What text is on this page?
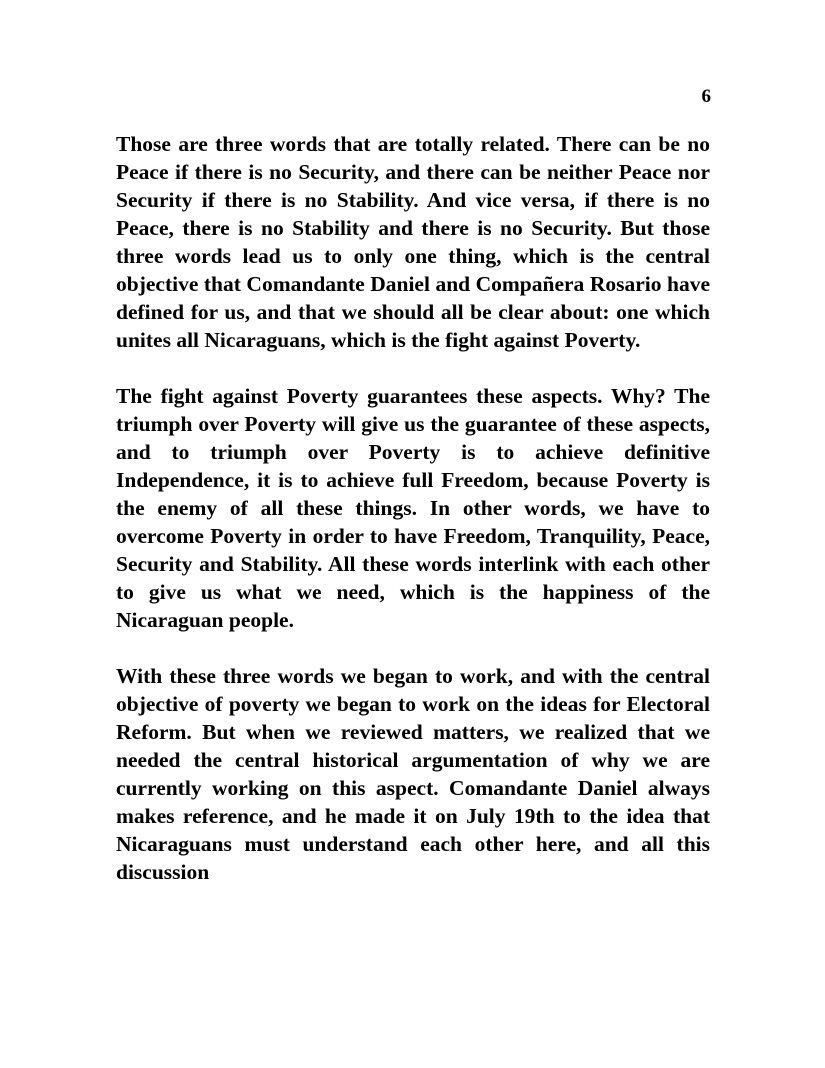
6

Those are three words that are totally related. There can be no Peace if there is no Security, and there can be neither Peace nor Security if there is no Stability. And vice versa, if there is no Peace, there is no Stability and there is no Security. But those three words lead us to only one thing, which is the central objective that Comandante Daniel and Compañera Rosario have defined for us, and that we should all be clear about: one which unites all Nicaraguans, which is the fight against Poverty.

The fight against Poverty guarantees these aspects. Why? The triumph over Poverty will give us the guarantee of these aspects, and to triumph over Poverty is to achieve definitive Independence, it is to achieve full Freedom, because Poverty is the enemy of all these things. In other words, we have to overcome Poverty in order to have Freedom, Tranquility, Peace, Security and Stability. All these words interlink with each other to give us what we need, which is the happiness of the Nicaraguan people.

With these three words we began to work, and with the central objective of poverty we began to work on the ideas for Electoral Reform. But when we reviewed matters, we realized that we needed the central historical argumentation of why we are currently working on this aspect. Comandante Daniel always makes reference, and he made it on July 19th to the idea that Nicaraguans must understand each other here, and all this discussion
